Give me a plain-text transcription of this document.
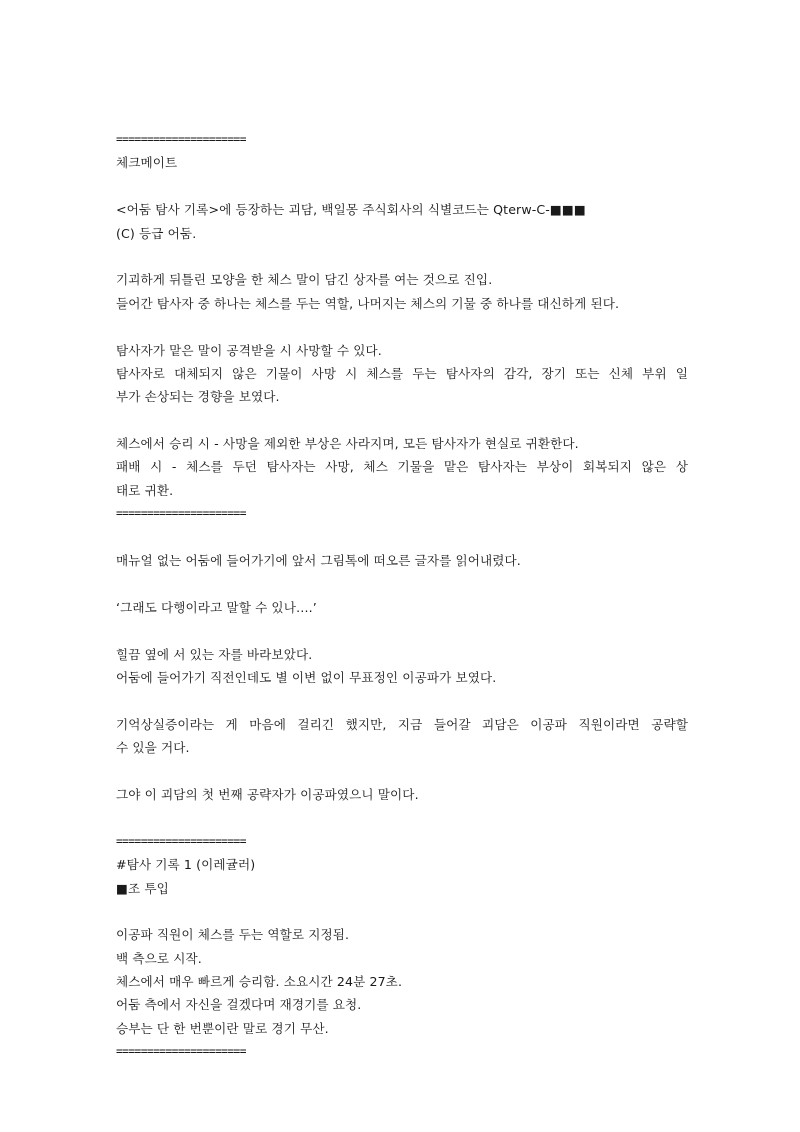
=====================
체크메이트
<어둠 탐사 기록>에 등장하는 괴담, 백일몽 주식회사의 식별코드는 Qterw-C-■■■
(C) 등급 어둠.
기괴하게 뒤틀린 모양을 한 체스 말이 담긴 상자를 여는 것으로 진입.
들어간 탐사자 중 하나는 체스를 두는 역할, 나머지는 체스의 기물 중 하나를 대신하게 된다.
탐사자가 맡은 말이 공격받을 시 사망할 수 있다.
탐사자로 대체되지 않은 기물이 사망 시 체스를 두는 탐사자의 감각, 장기 또는 신체 부위 일
부가 손상되는 경향을 보였다.
체스에서 승리 시 - 사망을 제외한 부상은 사라지며, 모든 탐사자가 현실로 귀환한다.
패배 시 - 체스를 두던 탐사자는 사망, 체스 기물을 맡은 탐사자는 부상이 회복되지 않은 상
태로 귀환.
=====================
매뉴얼 없는 어둠에 들어가기에 앞서 그림톡에 떠오른 글자를 읽어내렸다.
‘그래도 다행이라고 말할 수 있나….’
힐끔 옆에 서 있는 자를 바라보았다.
어둠에 들어가기 직전인데도 별 이변 없이 무표정인 이공파가 보였다.
기억상실증이라는 게 마음에 걸리긴 했지만, 지금 들어갈 괴담은 이공파 직원이라면 공략할
수 있을 거다.
그야 이 괴담의 첫 번째 공략자가 이공파였으니 말이다.
=====================
#탐사 기록 1 (이레귤러)
■조 투입
이공파 직원이 체스를 두는 역할로 지정됨.
백 측으로 시작.
체스에서 매우 빠르게 승리함. 소요시간 24분 27초.
어둠 측에서 자신을 걸겠다며 재경기를 요청.
승부는 단 한 번뿐이란 말로 경기 무산.
=====================
